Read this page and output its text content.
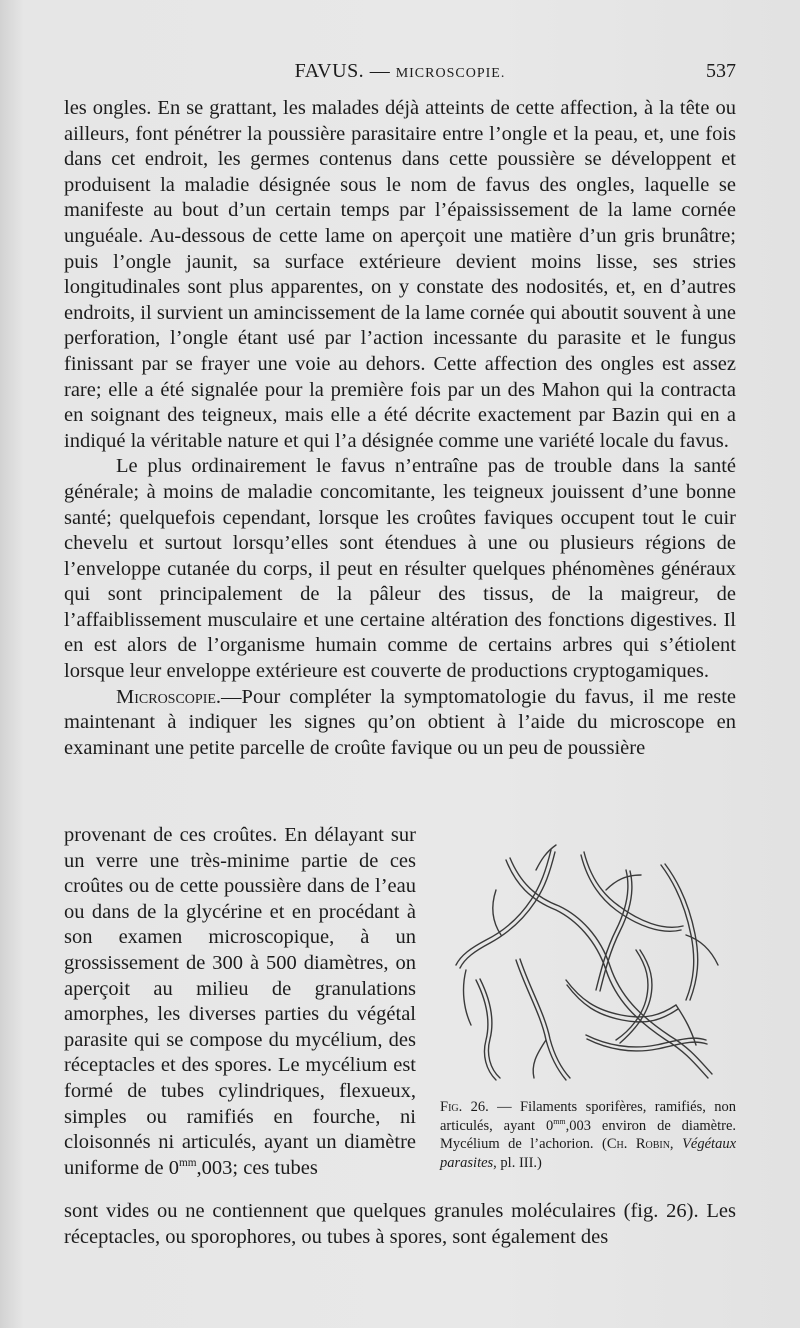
FAVUS. — MICROSCOPIE.	537

les ongles. En se grattant, les malades déjà atteints de cette affection, à la tête ou ailleurs, font pénétrer la poussière parasitaire entre l’ongle et la peau, et, une fois dans cet endroit, les germes contenus dans cette poussière se développent et produisent la maladie désignée sous le nom de favus des ongles, laquelle se manifeste au bout d’un certain temps par l’épaississement de la lame cornée unguéale. Au-dessous de cette lame on aperçoit une matière d’un gris brunâtre; puis l’ongle jaunit, sa surface extérieure devient moins lisse, ses stries longitudinales sont plus apparentes, on y constate des nodosités, et, en d’autres endroits, il survient un amincissement de la lame cornée qui aboutit souvent à une perforation, l’ongle étant usé par l’action incessante du parasite et le fungus finissant par se frayer une voie au dehors. Cette affection des ongles est assez rare; elle a été signalée pour la première fois par un des Mahon qui la contracta en soignant des teigneux, mais elle a été décrite exactement par Bazin qui en a indiqué la véritable nature et qui l’a désignée comme une variété locale du favus.

Le plus ordinairement le favus n’entraîne pas de trouble dans la santé générale; à moins de maladie concomitante, les teigneux jouissent d’une bonne santé; quelquefois cependant, lorsque les croûtes faviques occupent tout le cuir chevelu et surtout lorsqu’elles sont étendues à une ou plusieurs régions de l’enveloppe cutanée du corps, il peut en résulter quelques phénomènes généraux qui sont principalement de la pâleur des tissus, de la maigreur, de l’affaiblissement musculaire et une certaine altération des fonctions digestives. Il en est alors de l’organisme humain comme de certains arbres qui s’étiolent lorsque leur enveloppe extérieure est couverte de productions cryptogamiques.

Microscopie.—Pour compléter la symptomatologie du favus, il me reste maintenant à indiquer les signes qu’on obtient à l’aide du microscope en examinant une petite parcelle de croûte favique ou un peu de poussière

provenant de ces croûtes. En délayant sur un verre une très-minime partie de ces croûtes ou de cette poussière dans de l’eau ou dans de la glycérine et en procédant à son examen microscopique, à un grossissement de 300 à 500 diamètres, on aperçoit au milieu de granulations amorphes, les diverses parties du végétal parasite qui se compose du mycélium, des réceptacles et des spores. Le mycélium est formé de tubes cylindriques, flexueux, simples ou ramifiés en fourche, ni cloisonnés ni articulés, ayant un diamètre uniforme de $0^{mm},003$; ces tubes
sont vides ou ne contiennent que quelques granules moléculaires (fig. 26). Les réceptacles, ou sporophores, ou tubes à spores, sont également des
Fig. 26. — Filaments sporifères, ramifiés, non articulés, ayant $0^{mm},003$ environ de diamètre. Mycélium de l’achorion. (Ch. Robin, Végétaux parasites, pl. III.)
